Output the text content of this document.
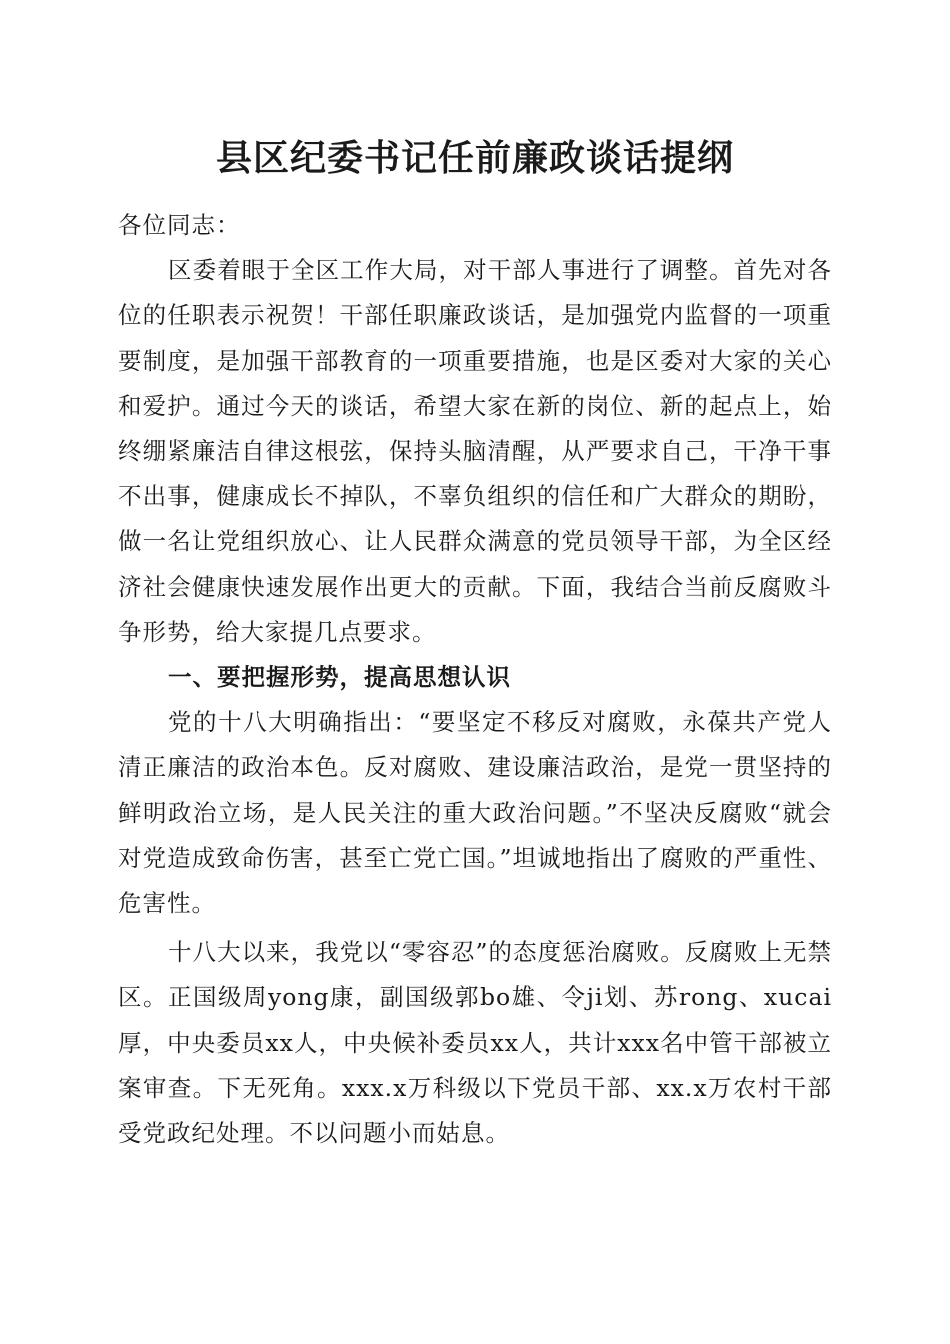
县区纪委书记任前廉政谈话提纲

各位同志：

区委着眼于全区工作大局，对干部人事进行了调整。首先对各位的任职表示祝贺！干部任职廉政谈话，是加强党内监督的一项重要制度，是加强干部教育的一项重要措施，也是区委对大家的关心和爱护。通过今天的谈话，希望大家在新的岗位、新的起点上，始终绷紧廉洁自律这根弦，保持头脑清醒，从严要求自己，干净干事不出事，健康成长不掉队，不辜负组织的信任和广大群众的期盼，做一名让党组织放心、让人民群众满意的党员领导干部，为全区经济社会健康快速发展作出更大的贡献。下面，我结合当前反腐败斗争形势，给大家提几点要求。

一、要把握形势，提高思想认识

党的十八大明确指出：“要坚定不移反对腐败，永葆共产党人清正廉洁的政治本色。反对腐败、建设廉洁政治，是党一贯坚持的鲜明政治立场，是人民关注的重大政治问题。”不坚决反腐败“就会对党造成致命伤害，甚至亡党亡国。”坦诚地指出了腐败的严重性、危害性。

十八大以来，我党以“零容忍”的态度惩治腐败。反腐败上无禁区。正国级周yong康，副国级郭bo雄、令ji划、苏rong、xucai厚，中央委员xx人，中央候补委员xx人，共计xxx名中管干部被立案审查。下无死角。xxx.x万科级以下党员干部、xx.x万农村干部受党政纪处理。不以问题小而姑息。
